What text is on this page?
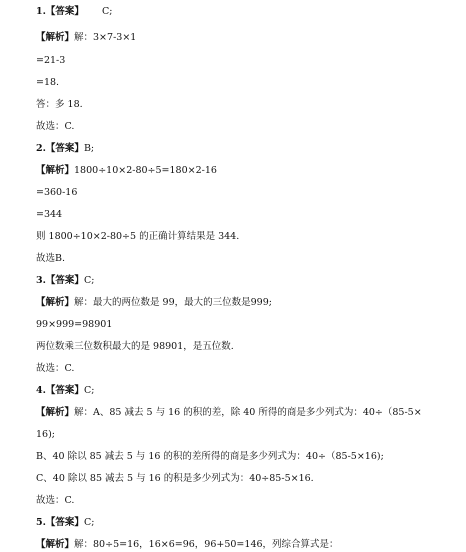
1.【答案】 C;
【解析】解：3×7-3×1
=21-3
=18.
答：多 18.
故选：C.
2.【答案】B;
【解析】1800÷10×2-80÷5=180×2-16
=360-16
=344
则 1800÷10×2-80÷5 的正确计算结果是 344.
故选B.
3.【答案】C;
【解析】解：最大的两位数是 99，最大的三位数是999;
99×999=98901
两位数乘三位数积最大的是 98901，是五位数.
故选：C.
4.【答案】C;
【解析】解：A、85 减去 5 与 16 的积的差，除 40 所得的商是多少列式为：40÷（85-5×
16);
B、40 除以 85 减去 5 与 16 的积的差所得的商是多少列式为：40÷（85-5×16);
C、40 除以 85 减去 5 与 16 的积是多少列式为：40÷85-5×16.
故选：C.
5.【答案】C;
【解析】解：80÷5=16，16×6=96，96+50=146，列综合算式是：
